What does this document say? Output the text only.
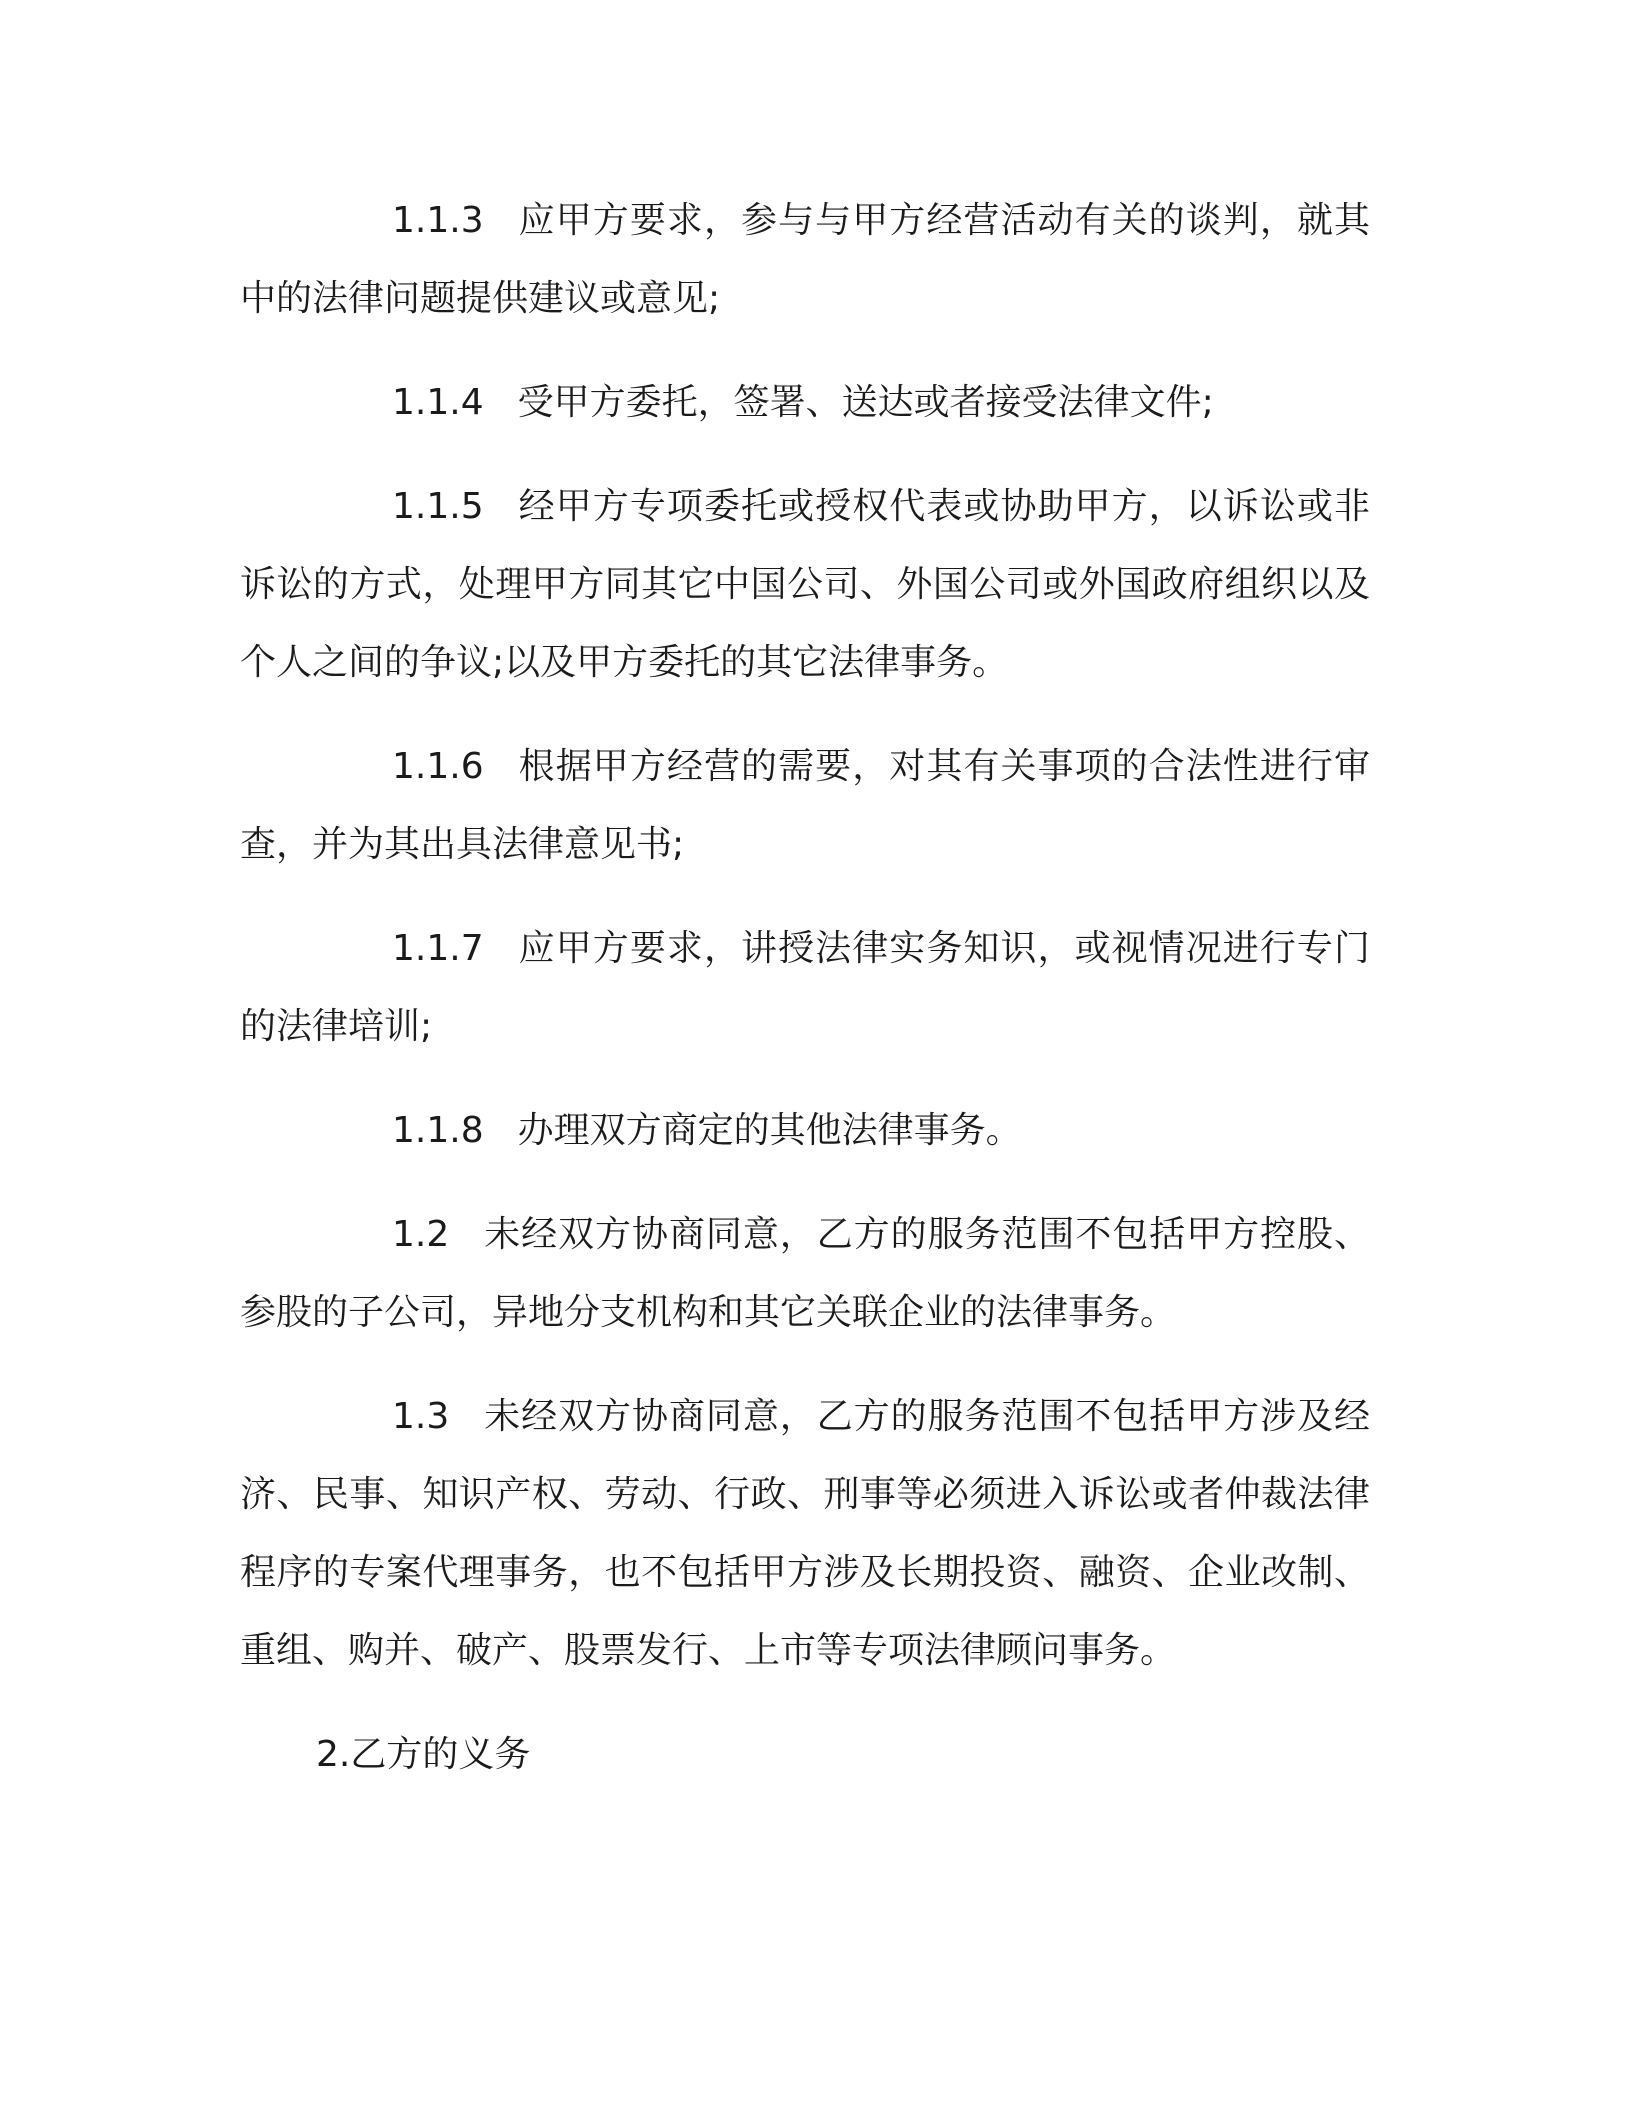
1.1.3 应甲方要求，参与与甲方经营活动有关的谈判，就其中的法律问题提供建议或意见;

1.1.4 受甲方委托，签署、送达或者接受法律文件;

1.1.5 经甲方专项委托或授权代表或协助甲方，以诉讼或非诉讼的方式，处理甲方同其它中国公司、外国公司或外国政府组织以及个人之间的争议;以及甲方委托的其它法律事务。

1.1.6 根据甲方经营的需要，对其有关事项的合法性进行审查，并为其出具法律意见书;

1.1.7 应甲方要求，讲授法律实务知识，或视情况进行专门的法律培训;

1.1.8 办理双方商定的其他法律事务。

1.2 未经双方协商同意，乙方的服务范围不包括甲方控股、参股的子公司，异地分支机构和其它关联企业的法律事务。

1.3 未经双方协商同意，乙方的服务范围不包括甲方涉及经济、民事、知识产权、劳动、行政、刑事等必须进入诉讼或者仲裁法律程序的专案代理事务，也不包括甲方涉及长期投资、融资、企业改制、重组、购并、破产、股票发行、上市等专项法律顾问事务。

2.乙方的义务
